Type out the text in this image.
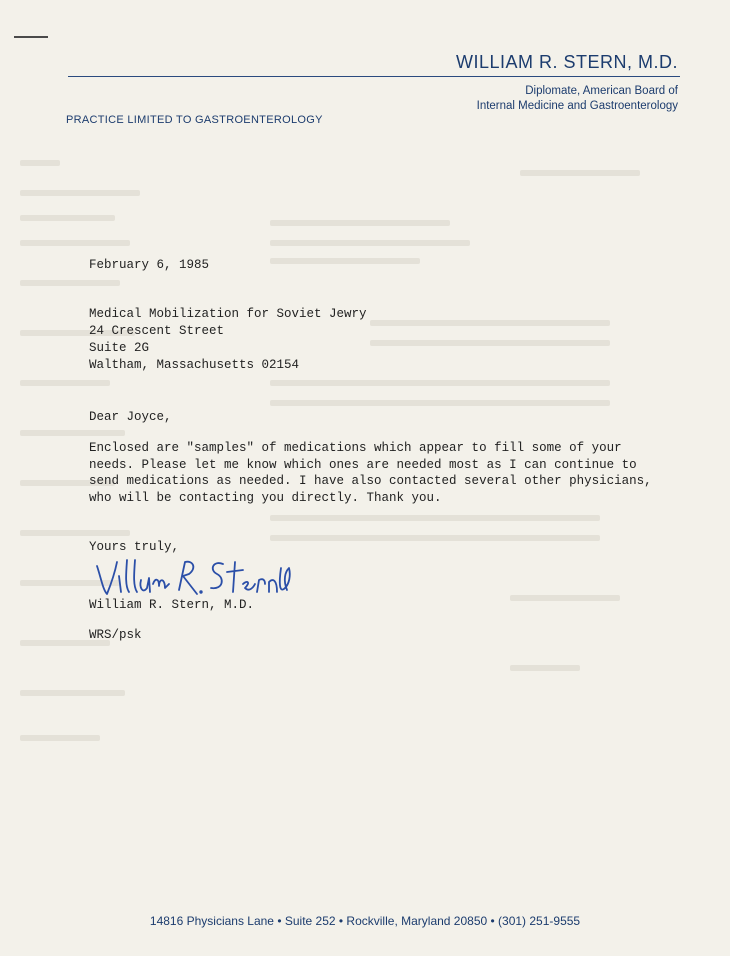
WILLIAM R. STERN, M.D.
Diplomate, American Board of
Internal Medicine and Gastroenterology
PRACTICE LIMITED TO GASTROENTEROLOGY
February 6, 1985
Medical Mobilization for Soviet Jewry
24 Crescent Street
Suite 2G
Waltham, Massachusetts 02154
Dear Joyce,
Enclosed are "samples" of medications which appear to fill some of your
needs. Please let me know which ones are needed most as I can continue to
send medications as needed. I have also contacted several other physicians,
who will be contacting you directly. Thank you.
Yours truly,
William R. Stern, M.D.
WRS/psk
14816 Physicians Lane • Suite 252 • Rockville, Maryland 20850 • (301) 251-9555
